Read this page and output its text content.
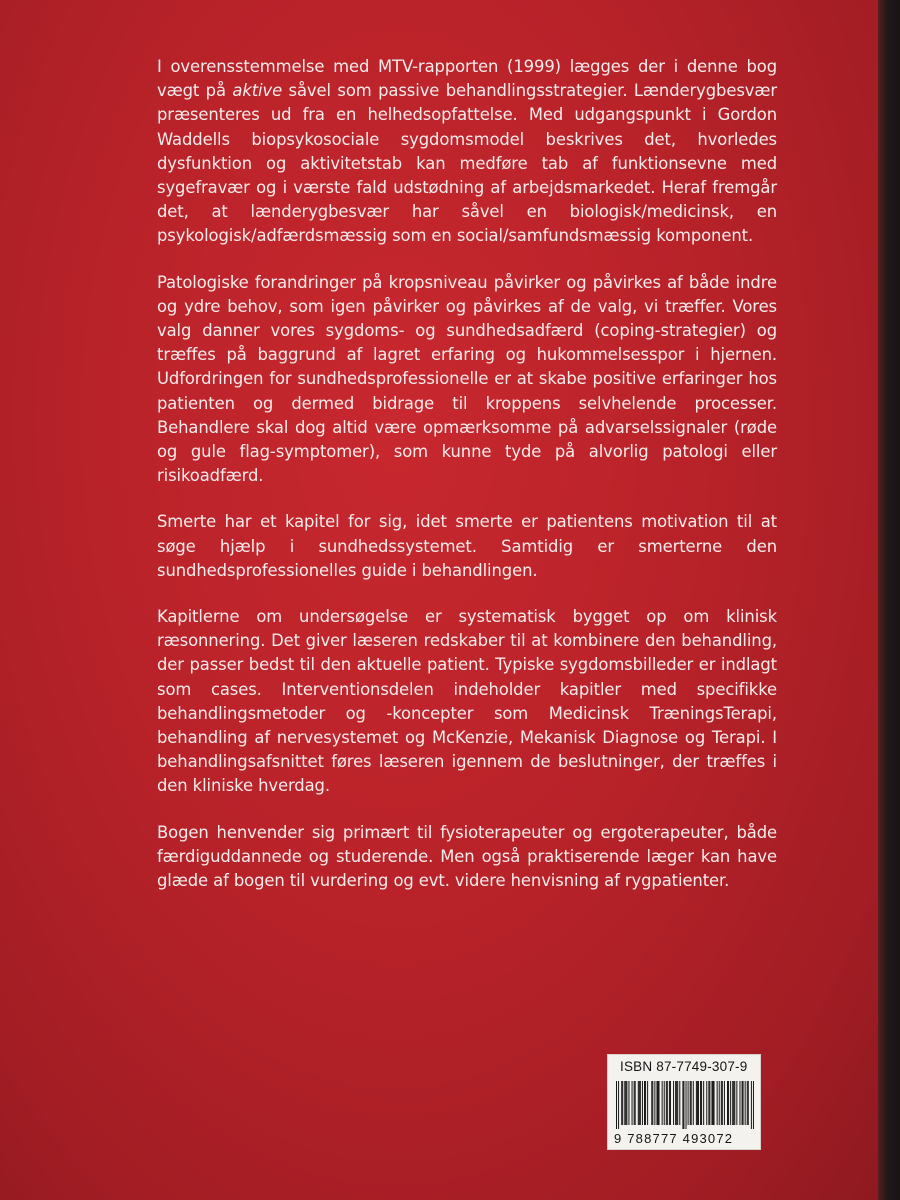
I overensstemmelse med MTV-rapporten (1999) lægges der i denne bog vægt på aktive såvel som passive behandlingsstrategier. Lænderygbesvær præsenteres ud fra en helhedsopfattelse. Med udgangspunkt i Gordon Waddells biopsykosociale sygdomsmodel beskrives det, hvorledes dysfunktion og aktivitetstab kan medføre tab af funktionsevne med sygefravær og i værste fald udstødning af arbejdsmarkedet. Heraf fremgår det, at lænderygbesvær har såvel en biologisk/medicinsk, en psykologisk/adfærdsmæssig som en social/samfundsmæssig komponent.

Patologiske forandringer på kropsniveau påvirker og påvirkes af både indre og ydre behov, som igen påvirker og påvirkes af de valg, vi træffer. Vores valg danner vores sygdoms- og sundhedsadfærd (coping-strategier) og træffes på baggrund af lagret erfaring og hukommelsesspor i hjernen. Udfordringen for sundhedsprofessionelle er at skabe positive erfaringer hos patienten og dermed bidrage til kroppens selvhelende processer. Behandlere skal dog altid være opmærksomme på advarselssignaler (røde og gule flag-symptomer), som kunne tyde på alvorlig patologi eller risikoadfærd.

Smerte har et kapitel for sig, idet smerte er patientens motivation til at søge hjælp i sundhedssystemet. Samtidig er smerterne den sundhedsprofessionelles guide i behandlingen.

Kapitlerne om undersøgelse er systematisk bygget op om klinisk ræsonnering. Det giver læseren redskaber til at kombinere den behandling, der passer bedst til den aktuelle patient. Typiske sygdomsbilleder er indlagt som cases. Interventionsdelen indeholder kapitler med specifikke behandlingsmetoder og -koncepter som Medicinsk TræningsTerapi, behandling af nervesystemet og McKenzie, Mekanisk Diagnose og Terapi. I behandlingsafsnittet føres læseren igennem de beslutninger, der træffes i den kliniske hverdag.

Bogen henvender sig primært til fysioterapeuter og ergoterapeuter, både færdiguddannede og studerende. Men også praktiserende læger kan have glæde af bogen til vurdering og evt. videre henvisning af rygpatienter.

ISBN 87-7749-307-9
9 788777 493072
